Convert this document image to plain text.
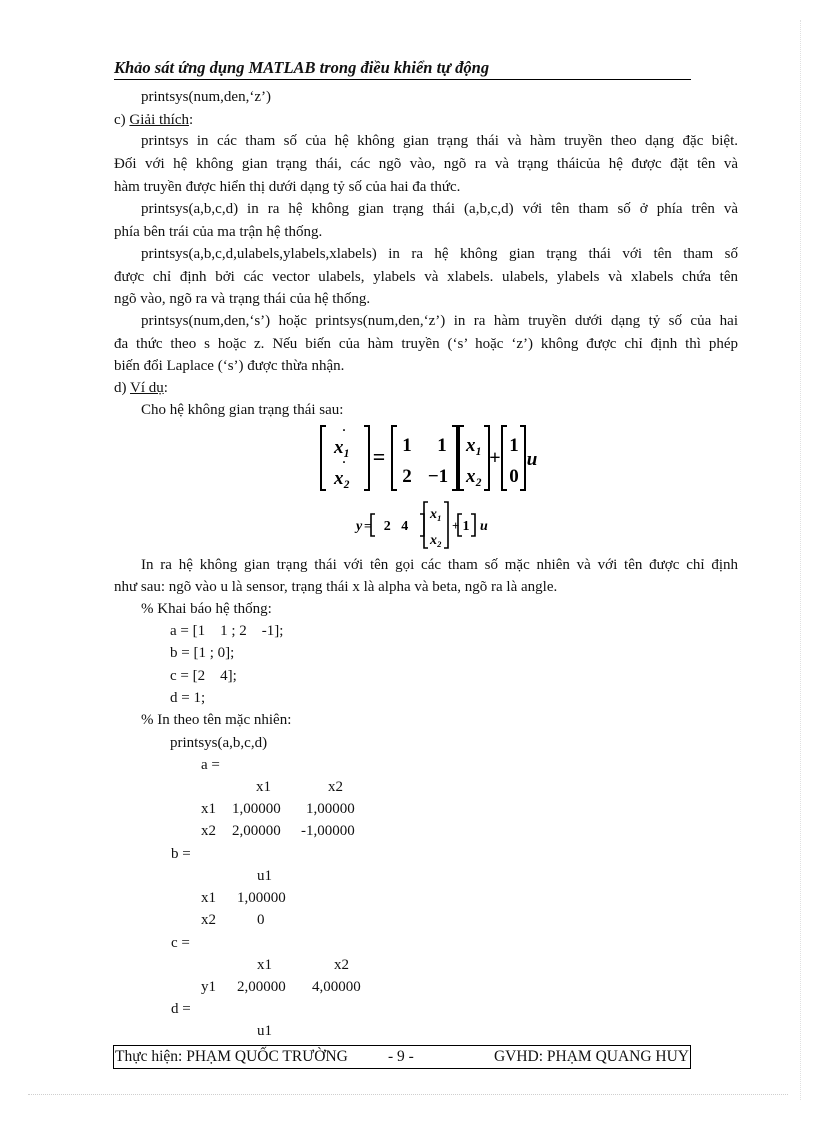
Khảo sát ứng dụng MATLAB trong điều khiển tự động
printsys(num,den,‘z’)
c) Giải thích:
printsys in các tham số của hệ không gian trạng thái và hàm truyền theo dạng đặc biệt.
Đối với hệ không gian trạng thái, các ngõ vào, ngõ ra và trạng tháicủa hệ được đặt tên và
hàm truyền được hiển thị dưới dạng tỷ số của hai đa thức.
printsys(a,b,c,d) in ra hệ không gian trạng thái (a,b,c,d) với tên tham số ở phía trên và
phía bên trái của ma trận hệ thống.
printsys(a,b,c,d,ulabels,ylabels,xlabels) in ra hệ không gian trạng thái với tên tham số
được chỉ định bởi các vector ulabels, ylabels và xlabels. ulabels, ylabels và xlabels chứa tên
ngõ vào, ngõ ra và trạng thái của hệ thống.
printsys(num,den,‘s’) hoặc printsys(num,den,‘z’) in ra hàm truyền dưới dạng tỷ số của hai
đa thức theo s hoặc z. Nếu biến của hàm truyền (‘s’ hoặc ‘z’) không được chỉ định thì phép
biến đổi Laplace (‘s’) được thừa nhận.
d) Ví dụ:
Cho hệ không gian trạng thái sau:
·
x₁
·
x₂
= 1 1
2 −1
x₁
x₂
+
1
0
u
y = 2   4
x₁
x₂
+ 1 u
In ra hệ không gian trạng thái với tên gọi các tham số mặc nhiên và với tên được chỉ định
như sau: ngõ vào u là sensor, trạng thái x là alpha và beta, ngõ ra là angle.
% Khai báo hệ thống:
a = [1    1 ; 2    -1];
b = [1 ; 0];
c = [2    4];
d = 1;
% In theo tên mặc nhiên:
printsys(a,b,c,d)
a =
x1	x2
x1 1,00000 1,00000
x2 2,00000 -1,00000
b =
u1
x1 1,00000
x2	0
c =
x1	x2
y1 2,00000 4,00000
d =
u1
Thực hiện: PHẠM QUỐC TRƯỜNG	- 9 -	GVHD: PHẠM QUANG HUY
